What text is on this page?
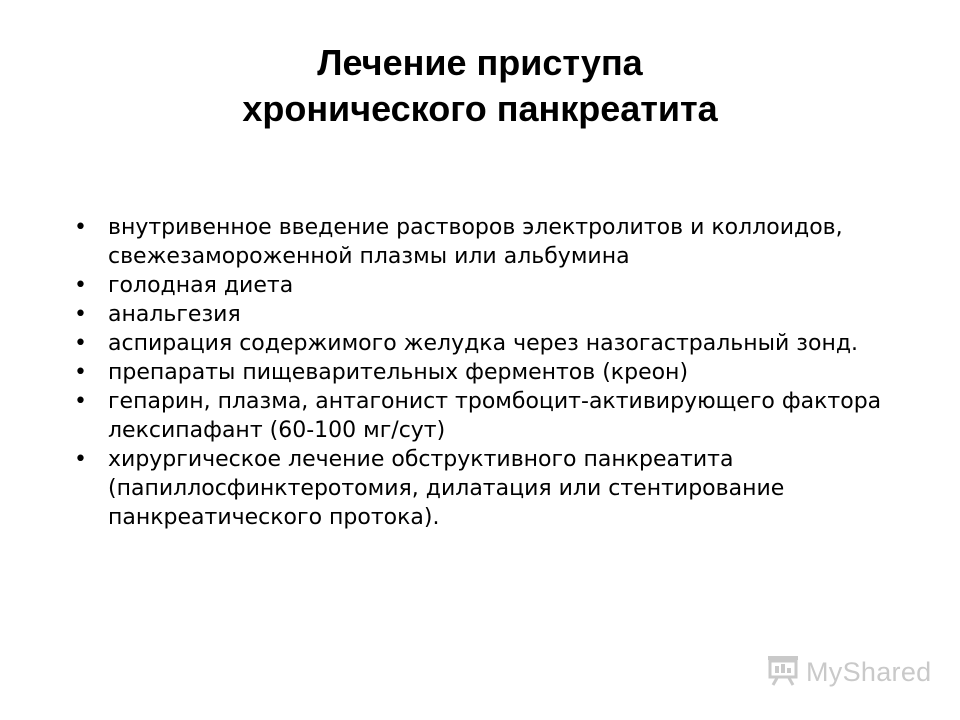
Лечение приступа
хронического панкреатита
• внутривенное введение растворов электролитов и коллоидов, свежезамороженной плазмы или альбумина
• голодная диета
• анальгезия
• аспирация содержимого желудка через назогастральный зонд.
• препараты пищеварительных ферментов (креон)
• гепарин, плазма, антагонист тромбоцит-активирующего фактора лексипафант (60-100 мг/сут)
• хирургическое лечение обструктивного панкреатита (папиллосфинктеротомия, дилатация или стентирование панкреатического протока).
MyShared
